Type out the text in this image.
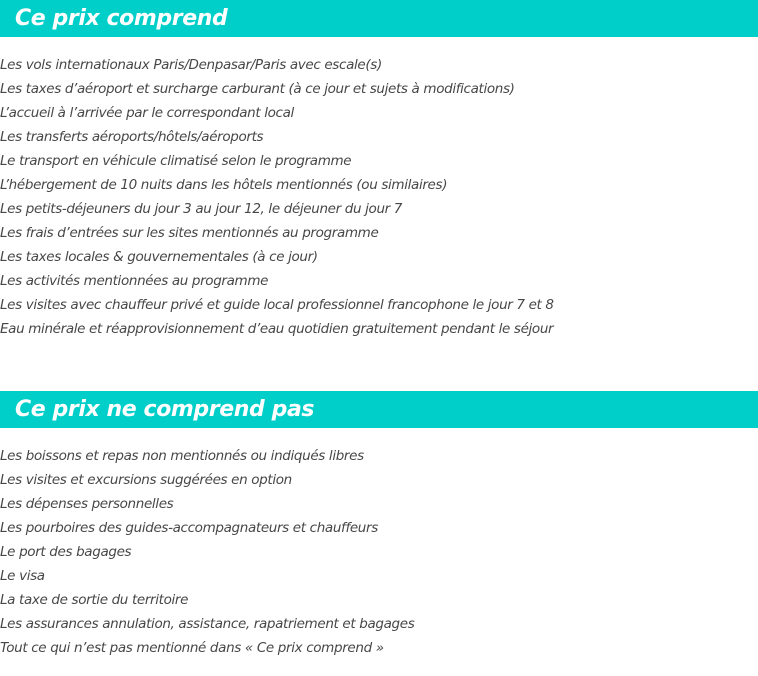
Ce prix comprend
Les vols internationaux Paris/Denpasar/Paris avec escale(s)
Les taxes d’aéroport et surcharge carburant (à ce jour et sujets à modifications)
L’accueil à l’arrivée par le correspondant local
Les transferts aéroports/hôtels/aéroports
Le transport en véhicule climatisé selon le programme
L’hébergement de 10 nuits dans les hôtels mentionnés (ou similaires)
Les petits-déjeuners du jour 3 au jour 12, le déjeuner du jour 7
Les frais d’entrées sur les sites mentionnés au programme
Les taxes locales & gouvernementales (à ce jour)
Les activités mentionnées au programme
Les visites avec chauffeur privé et guide local professionnel francophone le jour 7 et 8
Eau minérale et réapprovisionnement d’eau quotidien gratuitement pendant le séjour
Ce prix ne comprend pas
Les boissons et repas non mentionnés ou indiqués libres
Les visites et excursions suggérées en option
Les dépenses personnelles
Les pourboires des guides-accompagnateurs et chauffeurs
Le port des bagages
Le visa
La taxe de sortie du territoire
Les assurances annulation, assistance, rapatriement et bagages
Tout ce qui n’est pas mentionné dans « Ce prix comprend »
